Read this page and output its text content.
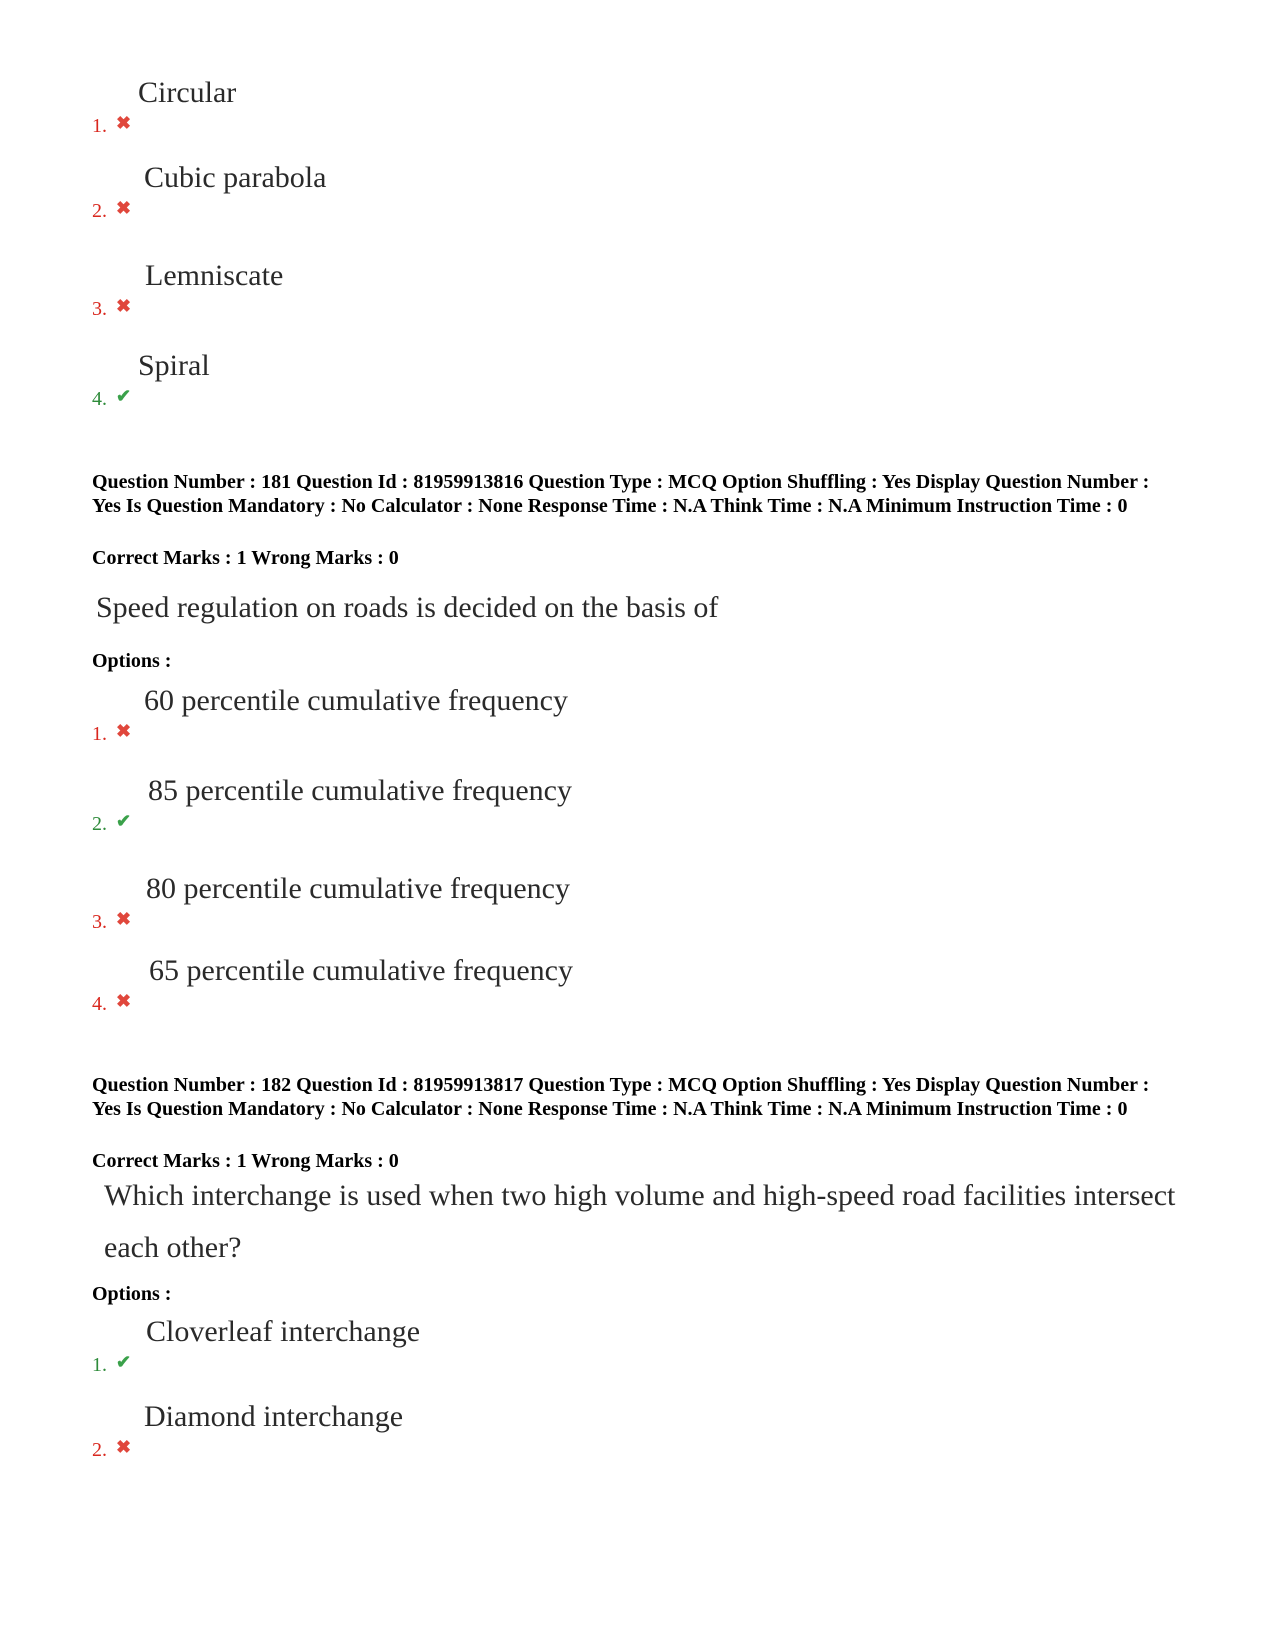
1. ✖
Circular
2. ✖
Cubic parabola
3. ✖
Lemniscate
4. ✔
Spiral
Question Number : 181 Question Id : 81959913816 Question Type : MCQ Option Shuffling : Yes Display Question Number : Yes Is Question Mandatory : No Calculator : None Response Time : N.A Think Time : N.A Minimum Instruction Time : 0
Correct Marks : 1 Wrong Marks : 0
Speed regulation on roads is decided on the basis of
Options :
1. ✖
60 percentile cumulative frequency
2. ✔
85 percentile cumulative frequency
3. ✖
80 percentile cumulative frequency
4. ✖
65 percentile cumulative frequency
Question Number : 182 Question Id : 81959913817 Question Type : MCQ Option Shuffling : Yes Display Question Number : Yes Is Question Mandatory : No Calculator : None Response Time : N.A Think Time : N.A Minimum Instruction Time : 0
Correct Marks : 1 Wrong Marks : 0
Which interchange is used when two high volume and high-speed road facilities intersect each other?
Options :
1. ✔
Cloverleaf interchange
2. ✖
Diamond interchange
